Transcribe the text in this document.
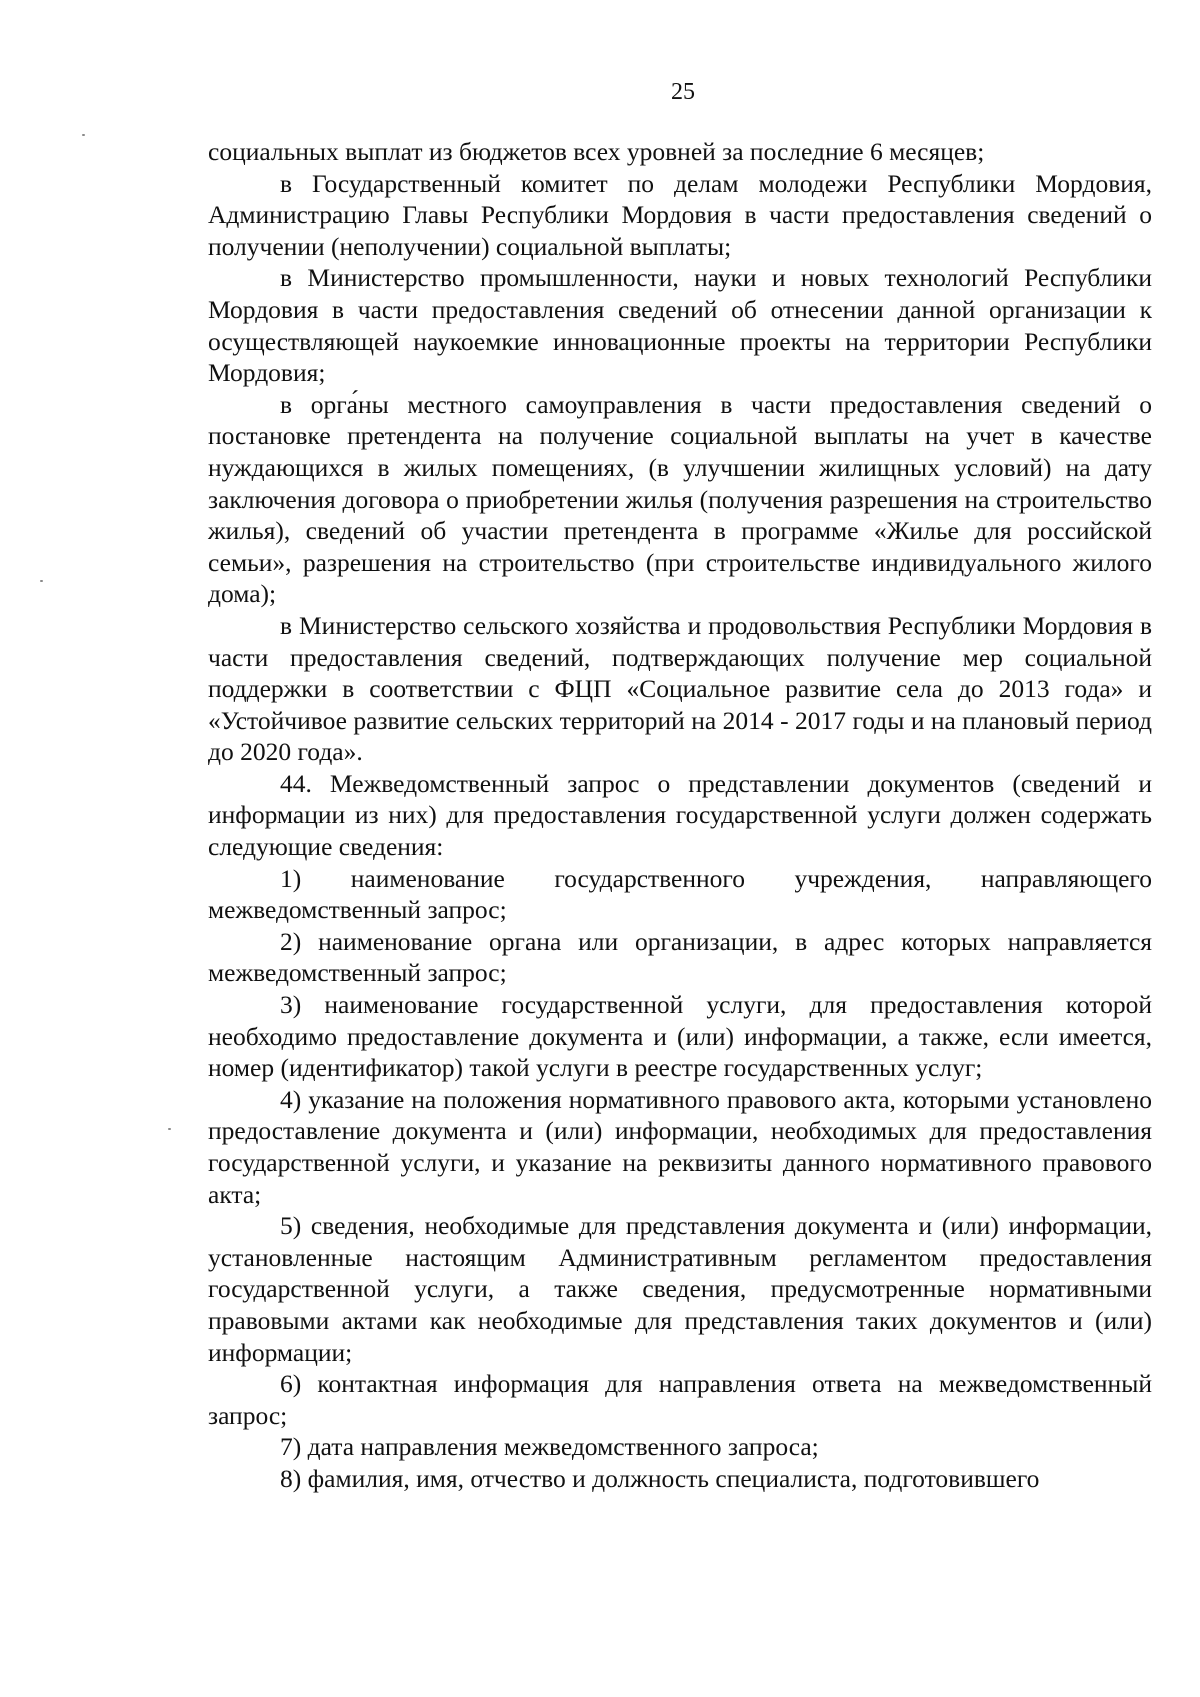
25

социальных выплат из бюджетов всех уровней за последние 6 месяцев;

в Государственный комитет по делам молодежи Республики Мордовия, Администрацию Главы Республики Мордовия в части предоставления сведений о получении (неполучении) социальной выплаты;

в Министерство промышленности, науки и новых технологий Республики Мордовия в части предоставления сведений об отнесении данной организации к осуществляющей наукоемкие инновационные проекты на территории Республики Мордовия;

в орга́ны местного самоуправления в части предоставления сведений о постановке претендента на получение социальной выплаты на учет в качестве нуждающихся в жилых помещениях, (в улучшении жилищных условий) на дату заключения договора о приобретении жилья (получения разрешения на строительство жилья), сведений об участии претендента в программе «Жилье для российской семьи», разрешения на строительство (при строительстве индивидуального жилого дома);

в Министерство сельского хозяйства и продовольствия Республики Мордовия в части предоставления сведений, подтверждающих получение мер социальной поддержки в соответствии с ФЦП «Социальное развитие села до 2013 года» и «Устойчивое развитие сельских территорий на 2014 - 2017 годы и на плановый период до 2020 года».

44. Межведомственный запрос о представлении документов (сведений и информации из них) для предоставления государственной услуги должен содержать следующие сведения:

1) наименование государственного учреждения, направляющего межведомственный запрос;

2) наименование органа или организации, в адрес которых направляется межведомственный запрос;

3) наименование государственной услуги, для предоставления которой необходимо предоставление документа и (или) информации, а также, если имеется, номер (идентификатор) такой услуги в реестре государственных услуг;

4) указание на положения нормативного правового акта, которыми установлено предоставление документа и (или) информации, необходимых для предоставления государственной услуги, и указание на реквизиты данного нормативного правового акта;

5) сведения, необходимые для представления документа и (или) информации, установленные настоящим Административным регламентом предоставления государственной услуги, а также сведения, предусмотренные нормативными правовыми актами как необходимые для представления таких документов и (или) информации;

6) контактная информация для направления ответа на межведомственный запрос;

7) дата направления межведомственного запроса;

8) фамилия, имя, отчество и должность специалиста, подготовившего
